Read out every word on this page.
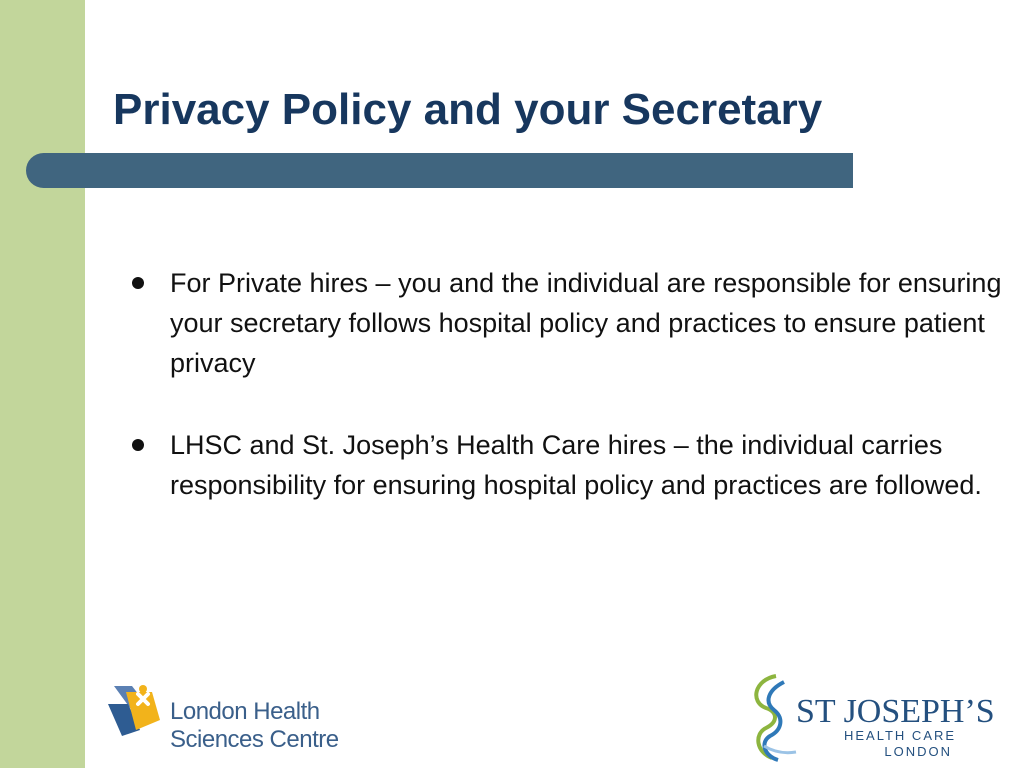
Privacy Policy and your Secretary
For Private hires – you and the individual are responsible for ensuring your secretary follows hospital policy and practices to ensure patient privacy
LHSC and St. Joseph’s Health Care hires – the individual carries responsibility for ensuring hospital policy and practices are followed.
London Health
Sciences Centre
ST JOSEPH’S
HEALTH CARE
LONDON
